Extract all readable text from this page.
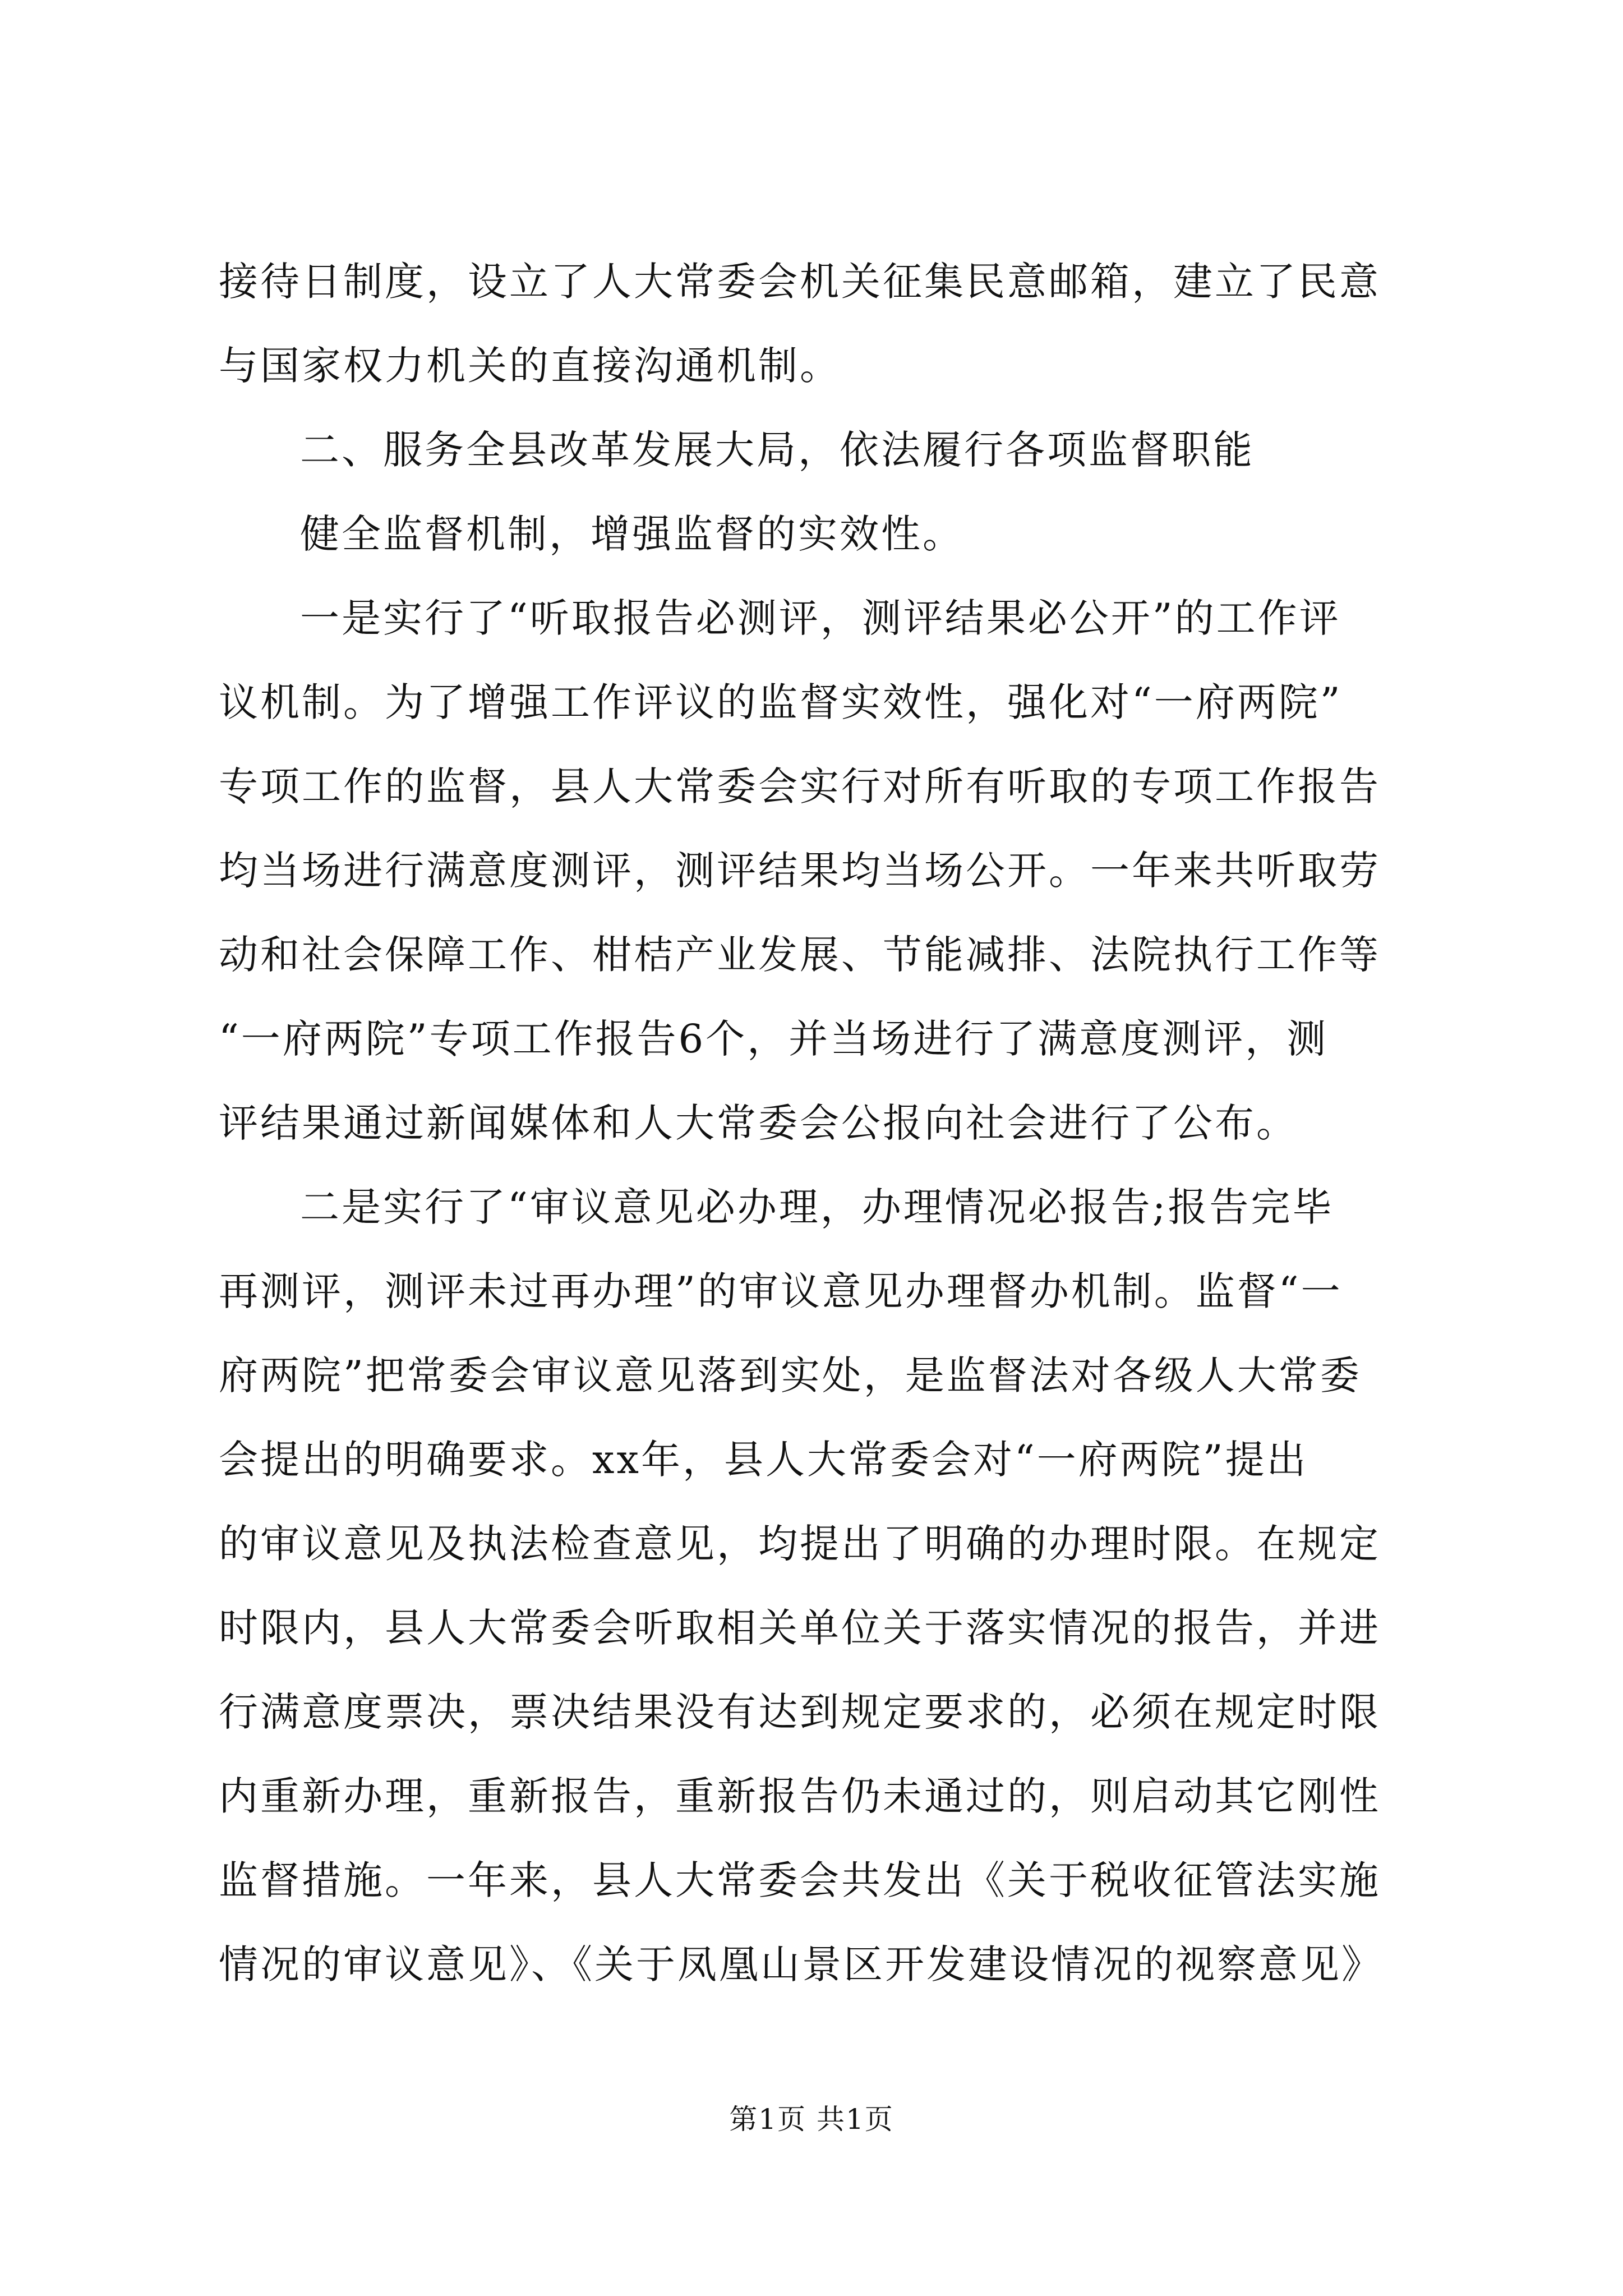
接待日制度，设立了人大常委会机关征集民意邮箱，建立了民意
与国家权力机关的直接沟通机制。
二、服务全县改革发展大局，依法履行各项监督职能
健全监督机制，增强监督的实效性。
一是实行了“听取报告必测评，测评结果必公开”的工作评
议机制。为了增强工作评议的监督实效性，强化对“一府两院”
专项工作的监督，县人大常委会实行对所有听取的专项工作报告
均当场进行满意度测评，测评结果均当场公开。一年来共听取劳
动和社会保障工作、柑桔产业发展、节能减排、法院执行工作等
“一府两院”专项工作报告6个，并当场进行了满意度测评，测
评结果通过新闻媒体和人大常委会公报向社会进行了公布。
二是实行了“审议意见必办理，办理情况必报告;报告完毕
再测评，测评未过再办理”的审议意见办理督办机制。监督“一
府两院”把常委会审议意见落到实处，是监督法对各级人大常委
会提出的明确要求。xx年，县人大常委会对“一府两院”提出
的审议意见及执法检查意见，均提出了明确的办理时限。在规定
时限内，县人大常委会听取相关单位关于落实情况的报告，并进
行满意度票决，票决结果没有达到规定要求的，必须在规定时限
内重新办理，重新报告，重新报告仍未通过的，则启动其它刚性
监督措施。一年来，县人大常委会共发出《关于税收征管法实施
情况的审议意见》、《关于凤凰山景区开发建设情况的视察意见》
第1页 共1页
